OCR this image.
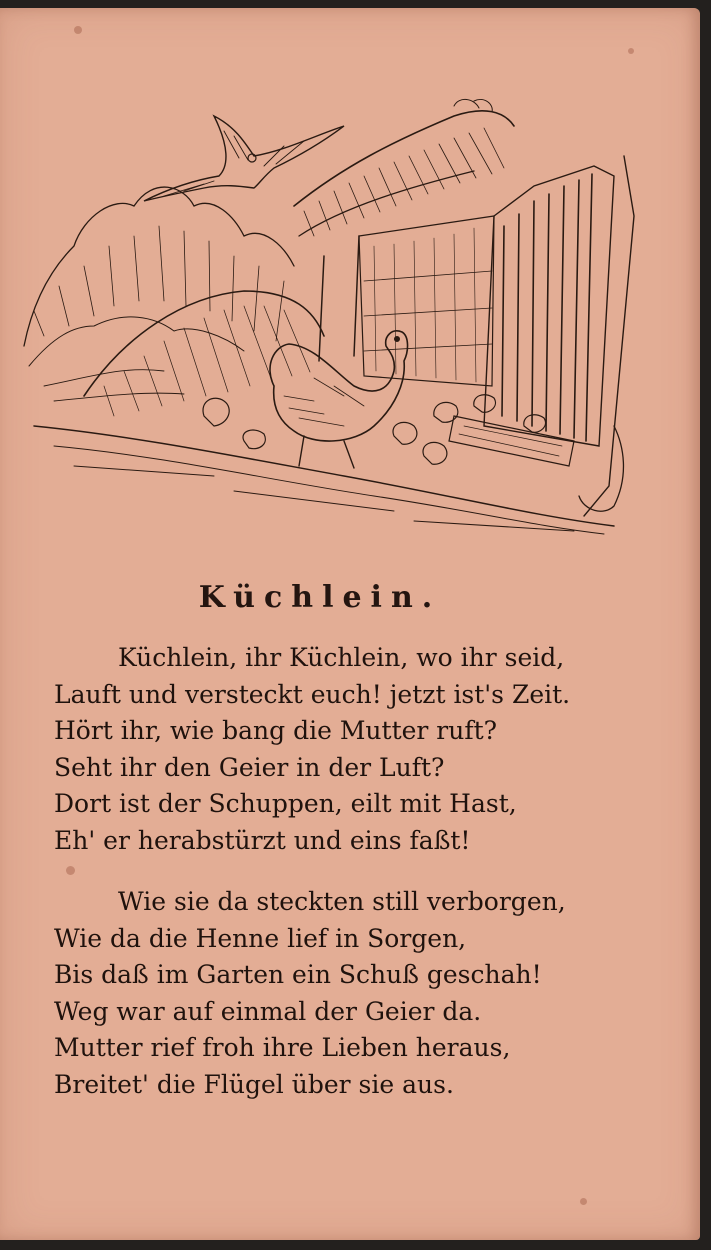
Küchlein.
Küchlein, ihr Küchlein, wo ihr seid,
Lauft und versteckt euch! jetzt ist's Zeit.
Hört ihr, wie bang die Mutter ruft?
Seht ihr den Geier in der Luft?
Dort ist der Schuppen, eilt mit Hast,
Eh' er herabstürzt und eins faßt!
Wie sie da steckten still verborgen,
Wie da die Henne lief in Sorgen,
Bis daß im Garten ein Schuß geschah!
Weg war auf einmal der Geier da.
Mutter rief froh ihre Lieben heraus,
Breitet' die Flügel über sie aus.
